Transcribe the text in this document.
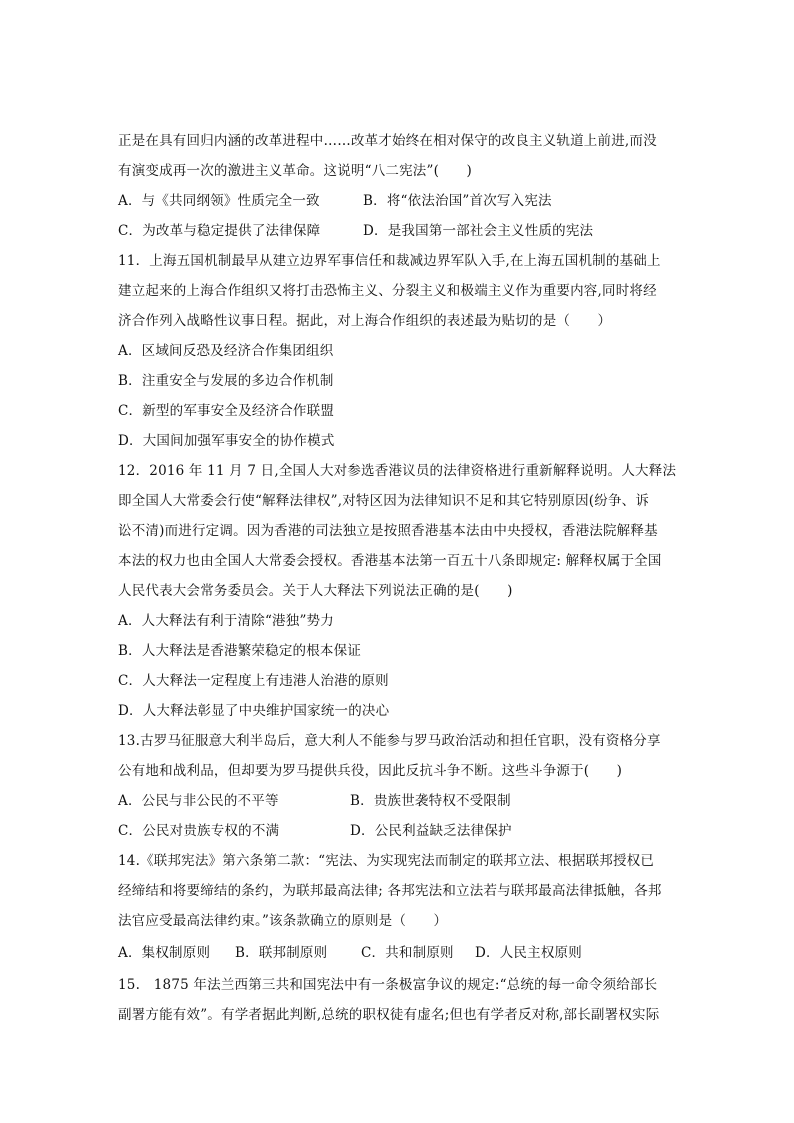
正是在具有回归内涵的改革进程中……改革才始终在相对保守的改良主义轨道上前进,而没
有演变成再一次的激进主义革命。这说明“八二宪法”(　　)
A．与《共同纲领》性质完全一致	B．将“依法治国”首次写入宪法
C．为改革与稳定提供了法律保障	D．是我国第一部社会主义性质的宪法
11．上海五国机制最早从建立边界军事信任和裁减边界军队入手,在上海五国机制的基础上
建立起来的上海合作组织又将打击恐怖主义、分裂主义和极端主义作为重要内容,同时将经
济合作列入战略性议事日程。据此，对上海合作组织的表述最为贴切的是（　　）
A．区域间反恐及经济合作集团组织
B．注重安全与发展的多边合作机制
C．新型的军事安全及经济合作联盟
D．大国间加强军事安全的协作模式
12．2016 年 11 月 7 日,全国人大对参选香港议员的法律资格进行重新解释说明。人大释法
即全国人大常委会行使“解释法律权”,对特区因为法律知识不足和其它特别原因(纷争、诉
讼不清)而进行定调。因为香港的司法独立是按照香港基本法由中央授权，香港法院解释基
本法的权力也由全国人大常委会授权。香港基本法第一百五十八条即规定: 解释权属于全国
人民代表大会常务委员会。关于人大释法下列说法正确的是(　　)
A．人大释法有利于清除“港独”势力
B．人大释法是香港繁荣稳定的根本保证
C．人大释法一定程度上有违港人治港的原则
D．人大释法彰显了中央维护国家统一的决心
13.古罗马征服意大利半岛后，意大利人不能参与罗马政治活动和担任官职，没有资格分享
公有地和战利品，但却要为罗马提供兵役，因此反抗斗争不断。这些斗争源于(　　)
A．公民与非公民的不平等	B．贵族世袭特权不受限制
C．公民对贵族专权的不满	D．公民利益缺乏法律保护
14.《联邦宪法》第六条第二款：“宪法、为实现宪法而制定的联邦立法、根据联邦授权已
经缔结和将要缔结的条约，为联邦最高法律; 各邦宪法和立法若与联邦最高法律抵触，各邦
法官应受最高法律约束。”该条款确立的原则是（　　）
A．集权制原则 B．联邦制原则 C．共和制原则 D．人民主权原则
15.　1875 年法兰西第三共和国宪法中有一条极富争议的规定:“总统的每一命令须给部长
副署方能有效”。有学者据此判断,总统的职权徒有虚名;但也有学者反对称,部长副署权实际
